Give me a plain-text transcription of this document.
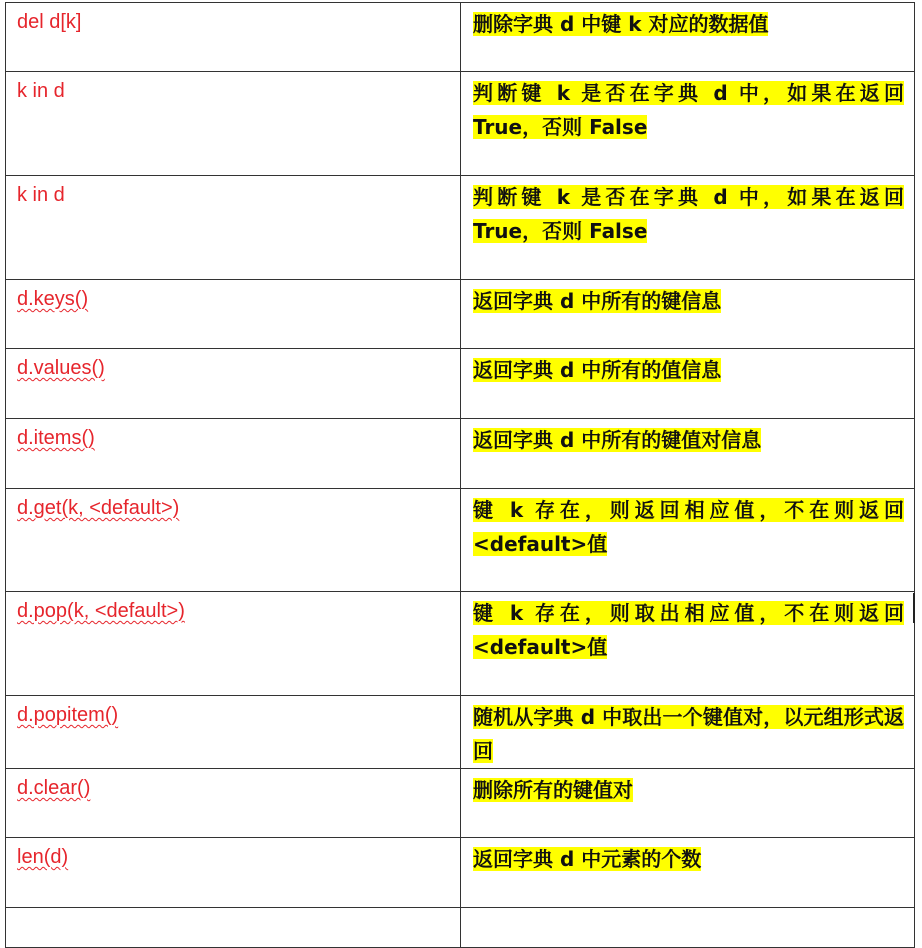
del d[k]	删除字典 d 中键 k 对应的数据值
k in d	判断键 k 是否在字典 d 中，如果在返回 True，否则 False
k in d	判断键 k 是否在字典 d 中，如果在返回 True，否则 False
d.keys()	返回字典 d 中所有的键信息
d.values()	返回字典 d 中所有的值信息
d.items()	返回字典 d 中所有的键值对信息
d.get(k, <default>)	键 k 存在，则返回相应值，不在则返回 <default>值
d.pop(k, <default>)	键 k 存在，则取出相应值，不在则返回 <default>值
d.popitem()	随机从字典 d 中取出一个键值对，以元组形式返回
d.clear()	删除所有的键值对
len(d)	返回字典 d 中元素的个数
